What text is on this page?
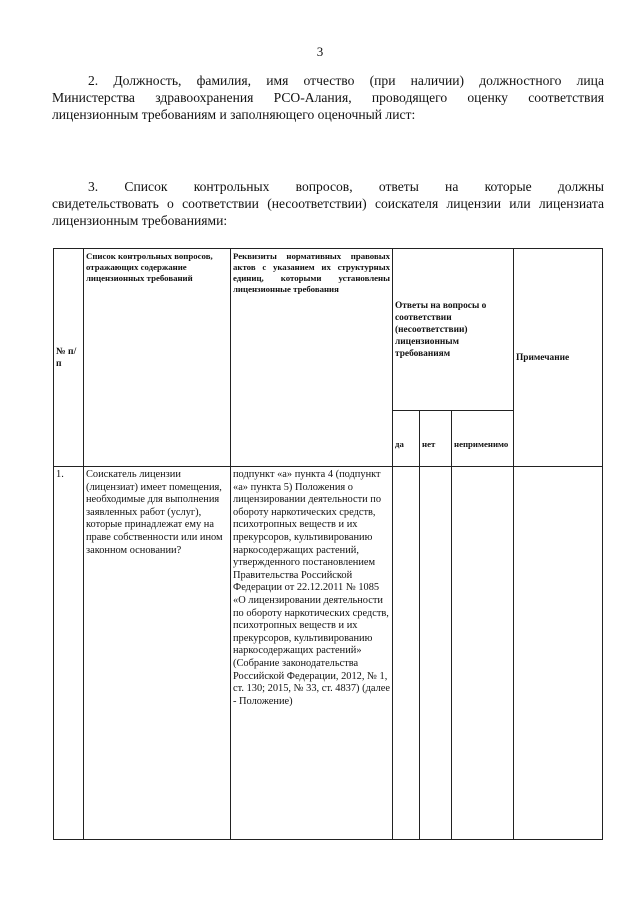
3
2. Должность, фамилия, имя отчество (при наличии) должностного лица
Министерства здравоохранения РСО-Алания, проводящего оценку соответствия лицензионным требованиям и заполняющего оценочный лист:
3. Список контрольных вопросов, ответы на которые должны
свидетельствовать о соответствии (несоответствии) соискателя лицензии или лицензиата лицензионным требованиями:
№ п/п	Список контрольных вопросов, отражающих содержание лицензионных требований	Реквизиты нормативных правовых актов с указанием их структурных единиц, которыми установлены лицензионные требования	Ответы на вопросы о соответствии (несоответствии) лицензионным требованиям			Примечание
			да	нет	неприменимо	
1.	Соискатель лицензии (лицензиат) имеет помещения, необходимые для выполнения заявленных работ (услуг), которые принадлежат ему на праве собственности или ином законном основании?	подпункт «а» пункта 4 (подпункт «а» пункта 5) Положения о лицензировании деятельности по обороту наркотических средств, психотропных веществ и их прекурсоров, культивированию наркосодержащих растений, утвержденного постановлением Правительства Российской Федерации от 22.12.2011 № 1085 «О лицензировании деятельности по обороту наркотических средств, психотропных веществ и их прекурсоров, культивированию наркосодержащих растений» (Собрание законодательства Российской Федерации, 2012, № 1, ст. 130; 2015, № 33, ст. 4837) (далее - Положение)				
